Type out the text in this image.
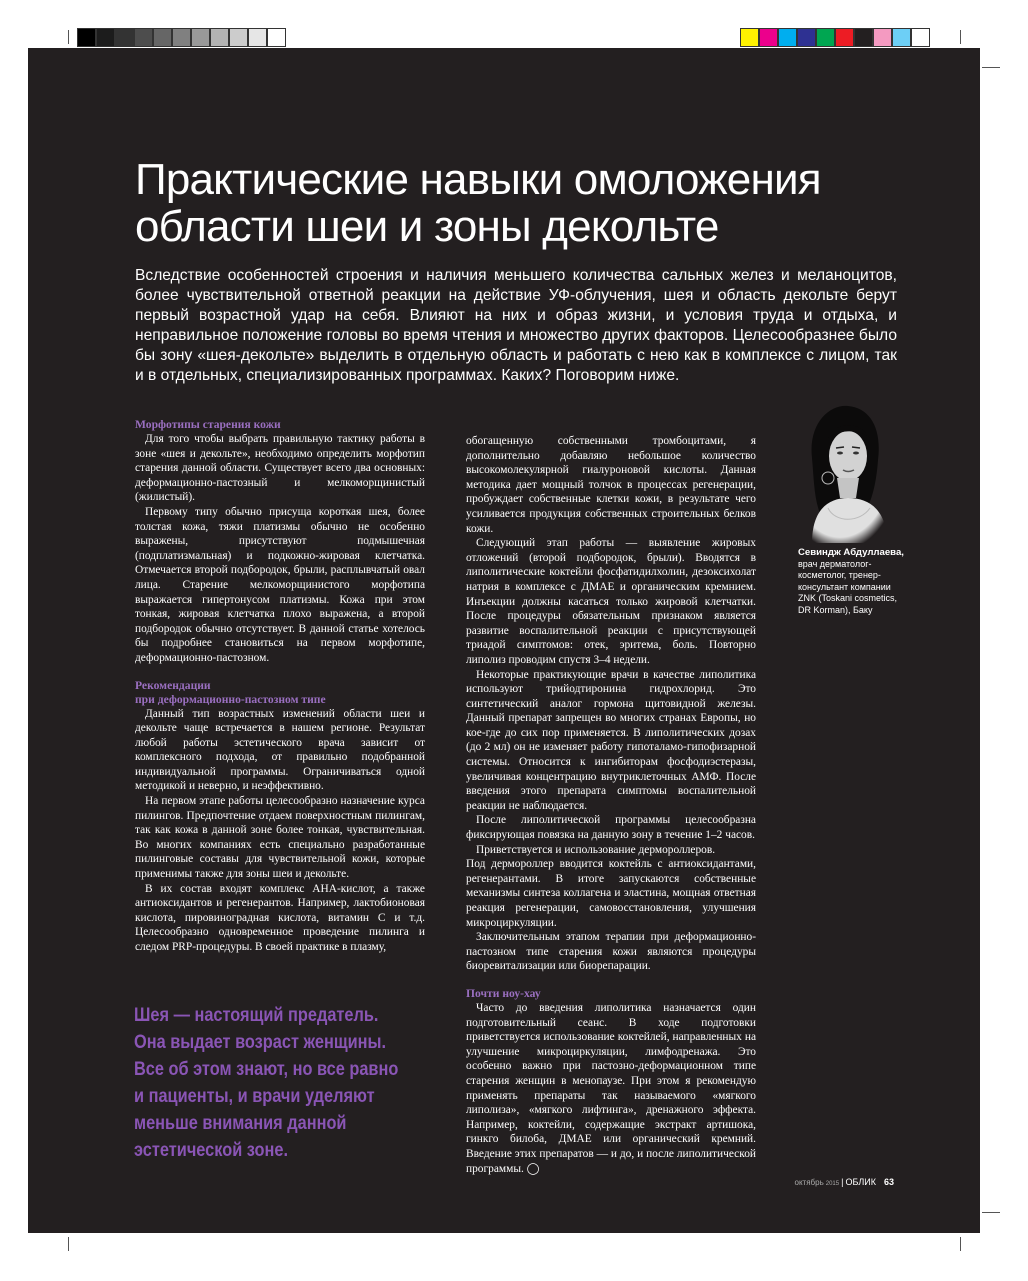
Практические навыки омоложения
области шеи и зоны декольте

Вследствие особенностей строения и наличия меньшего количества сальных желез и меланоцитов, более чувствительной ответной реакции на действие УФ-облучения, шея и область декольте берут первый возрастной удар на себя. Влияют на них и образ жизни, и условия труда и отдыха, и неправильное положение головы во время чтения и множество других факторов. Целесообразнее было бы зону «шея-декольте» выделить в отдельную область и работать с нею как в комплексе с лицом, так и в отдельных, специализированных программах. Каких? Поговорим ниже.

Морфотипы старения кожи

Для того чтобы выбрать правильную тактику работы в зоне «шея и декольте», необходимо определить морфотип старения данной области. Существует всего два основных: деформационно-пастозный и мелкоморщинистый (жилистый).

Первому типу обычно присуща короткая шея, более толстая кожа, тяжи платизмы обычно не особенно выражены, присутствуют подмышечная (подплатизмальная) и подкожно-жировая клетчатка. Отмечается второй подбородок, брыли, расплывчатый овал лица. Старение мелкоморщинистого морфотипа выражается гипертонусом платизмы. Кожа при этом тонкая, жировая клетчатка плохо выражена, а второй подбородок обычно отсутствует. В данной статье хотелось бы подробнее становиться на первом морфотипе, деформационно-пастозном.

Рекомендации
при деформационно-пастозном типе

Данный тип возрастных изменений области шеи и декольте чаще встречается в нашем регионе. Результат любой работы эстетического врача зависит от комплексного подхода, от правильно подобранной индивидуальной программы. Ограничиваться одной методикой и неверно, и неэффективно.

На первом этапе работы целесообразно назначение курса пилингов. Предпочтение отдаем поверхностным пилингам, так как кожа в данной зоне более тонкая, чувствительная. Во многих компаниях есть специально разработанные пилинговые составы для чувствительной кожи, которые применимы также для зоны шеи и декольте.

В их состав входят комплекс АНА-кислот, а также антиоксидантов и регенерантов. Например, лактобионовая кислота, пировиноградная кислота, витамин С и т.д. Целесообразно одновременное проведение пилинга и следом PRP-процедуры. В своей практике в плазму,

Шея — настоящий предатель.
Она выдает возраст женщины.
Все об этом знают, но все равно
и пациенты, и врачи уделяют
меньше внимания данной
эстетической зоне.

обогащенную собственными тромбоцитами, я дополнительно добавляю небольшое количество высокомолекулярной гиалуроновой кислоты. Данная методика дает мощный толчок в процессах регенерации, пробуждает собственные клетки кожи, в результате чего усиливается продукция собственных строительных белков кожи.

Следующий этап работы — выявление жировых отложений (второй подбородок, брыли). Вводятся в липолитические коктейли фосфатидилхолин, дезоксихолат натрия в комплексе с ДМАЕ и органическим кремнием. Инъекции должны касаться только жировой клетчатки. После процедуры обязательным признаком является развитие воспалительной реакции с присутствующей триадой симптомов: отек, эритема, боль. Повторно липолиз проводим спустя 3–4 недели.

Некоторые практикующие врачи в качестве липолитика используют трийодтиронина гидрохлорид. Это синтетический аналог гормона щитовидной железы. Данный препарат запрещен во многих странах Европы, но кое-где до сих пор применяется. В липолитических дозах (до 2 мл) он не изменяет работу гипоталамо-гипофизарной системы. Относится к ингибиторам фосфодиэстеразы, увеличивая концентрацию внутриклеточных АМФ. После введения этого препарата симптомы воспалительной реакции не наблюдается.

После липолитической программы целесообразна фиксирующая повязка на данную зону в течение 1–2 часов.

Приветствуется и использование дермороллеров.

Под дермороллер вводится коктейль с антиоксидантами, регенерантами. В итоге запускаются собственные механизмы синтеза коллагена и эластина, мощная ответная реакция регенерации, самовосстановления, улучшения микроциркуляции.

Заключительным этапом терапии при деформационно-пастозном типе старения кожи являются процедуры биоревитализации или биорепарации.

Почти ноу-хау

Часто до введения липолитика назначается один подготовительный сеанс. В ходе подготовки приветствуется использование коктейлей, направленных на улучшение микроциркуляции, лимфодренажа. Это особенно важно при пастозно-деформационном типе старения женщин в менопаузе. При этом я рекомендую применять препараты так называемого «мягкого липолиза», «мягкого лифтинга», дренажного эффекта. Например, коктейли, содержащие экстракт артишока, гинкго билоба, ДМАЕ или органический кремний. Введение этих препаратов — и до, и после липолитической программы. ◯

Севиндж Абдуллаева,
врач дерматолог-косметолог, тренер-консультант компании ZNK (Toskani cosmetics, DR Korman), Баку
октябрь 2015 | ОБЛИК 63
